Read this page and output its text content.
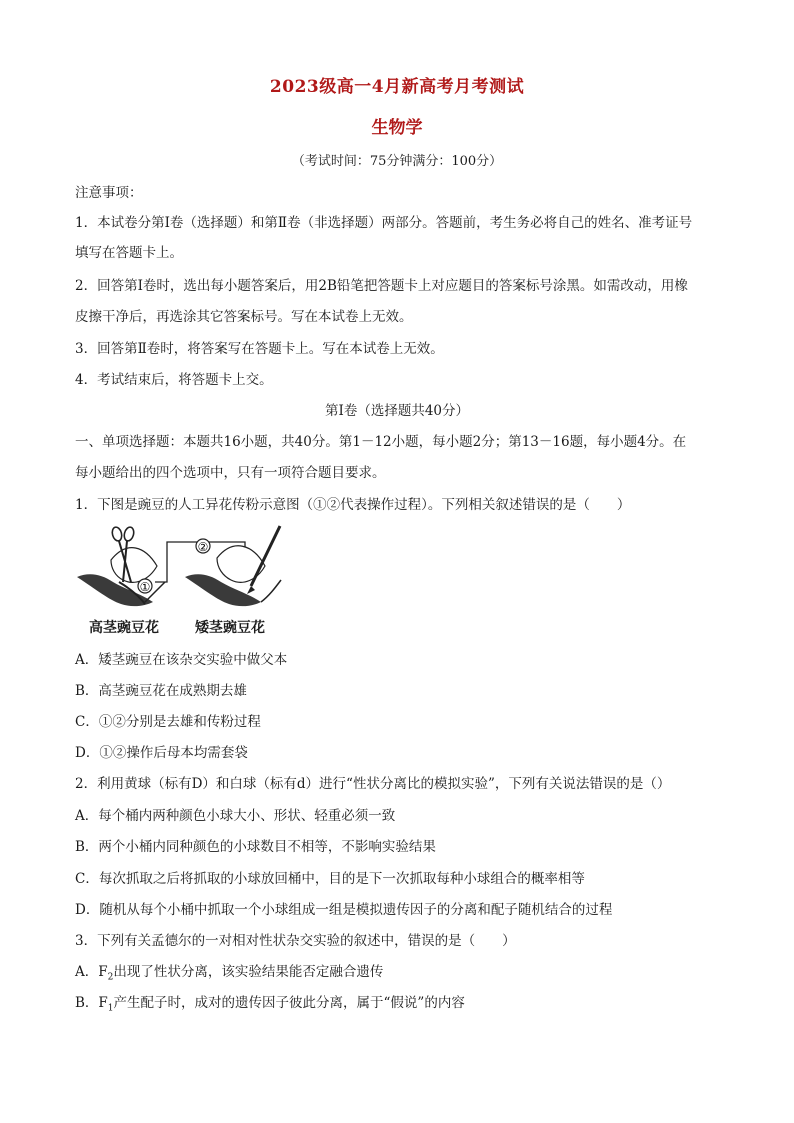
2023级高一4月新高考月考测试
生物学
（考试时间：75分钟满分：100分）
注意事项：
1．本试卷分第Ⅰ卷（选择题）和第Ⅱ卷（非选择题）两部分。答题前，考生务必将自己的姓名、准考证号
填写在答题卡上。
2．回答第Ⅰ卷时，选出每小题答案后，用2B铅笔把答题卡上对应题目的答案标号涂黑。如需改动，用橡
皮擦干净后，再选涂其它答案标号。写在本试卷上无效。
3．回答第Ⅱ卷时，将答案写在答题卡上。写在本试卷上无效。
4．考试结束后，将答题卡上交。
第Ⅰ卷（选择题共40分）
一、单项选择题：本题共16小题，共40分。第1－12小题，每小题2分；第13－16题，每小题4分。在
每小题给出的四个选项中，只有一项符合题目要求。
1．下图是豌豆的人工异花传粉示意图（①②代表操作过程）。下列相关叙述错误的是（　　）
①
②
高茎豌豆花	矮茎豌豆花
A．矮茎豌豆在该杂交实验中做父本
B．高茎豌豆花在成熟期去雄
C．①②分别是去雄和传粉过程
D．①②操作后母本均需套袋
2．利用黄球（标有D）和白球（标有d）进行“性状分离比的模拟实验”，下列有关说法错误的是（）
A．每个桶内两种颜色小球大小、形状、轻重必须一致
B．两个小桶内同种颜色的小球数目不相等，不影响实验结果
C．每次抓取之后将抓取的小球放回桶中，目的是下一次抓取每种小球组合的概率相等
D．随机从每个小桶中抓取一个小球组成一组是模拟遗传因子的分离和配子随机结合的过程
3．下列有关孟德尔的一对相对性状杂交实验的叙述中，错误的是（　　）
A．$F_2$出现了性状分离，该实验结果能否定融合遗传
B．$F_1$产生配子时，成对的遗传因子彼此分离，属于“假说”的内容
